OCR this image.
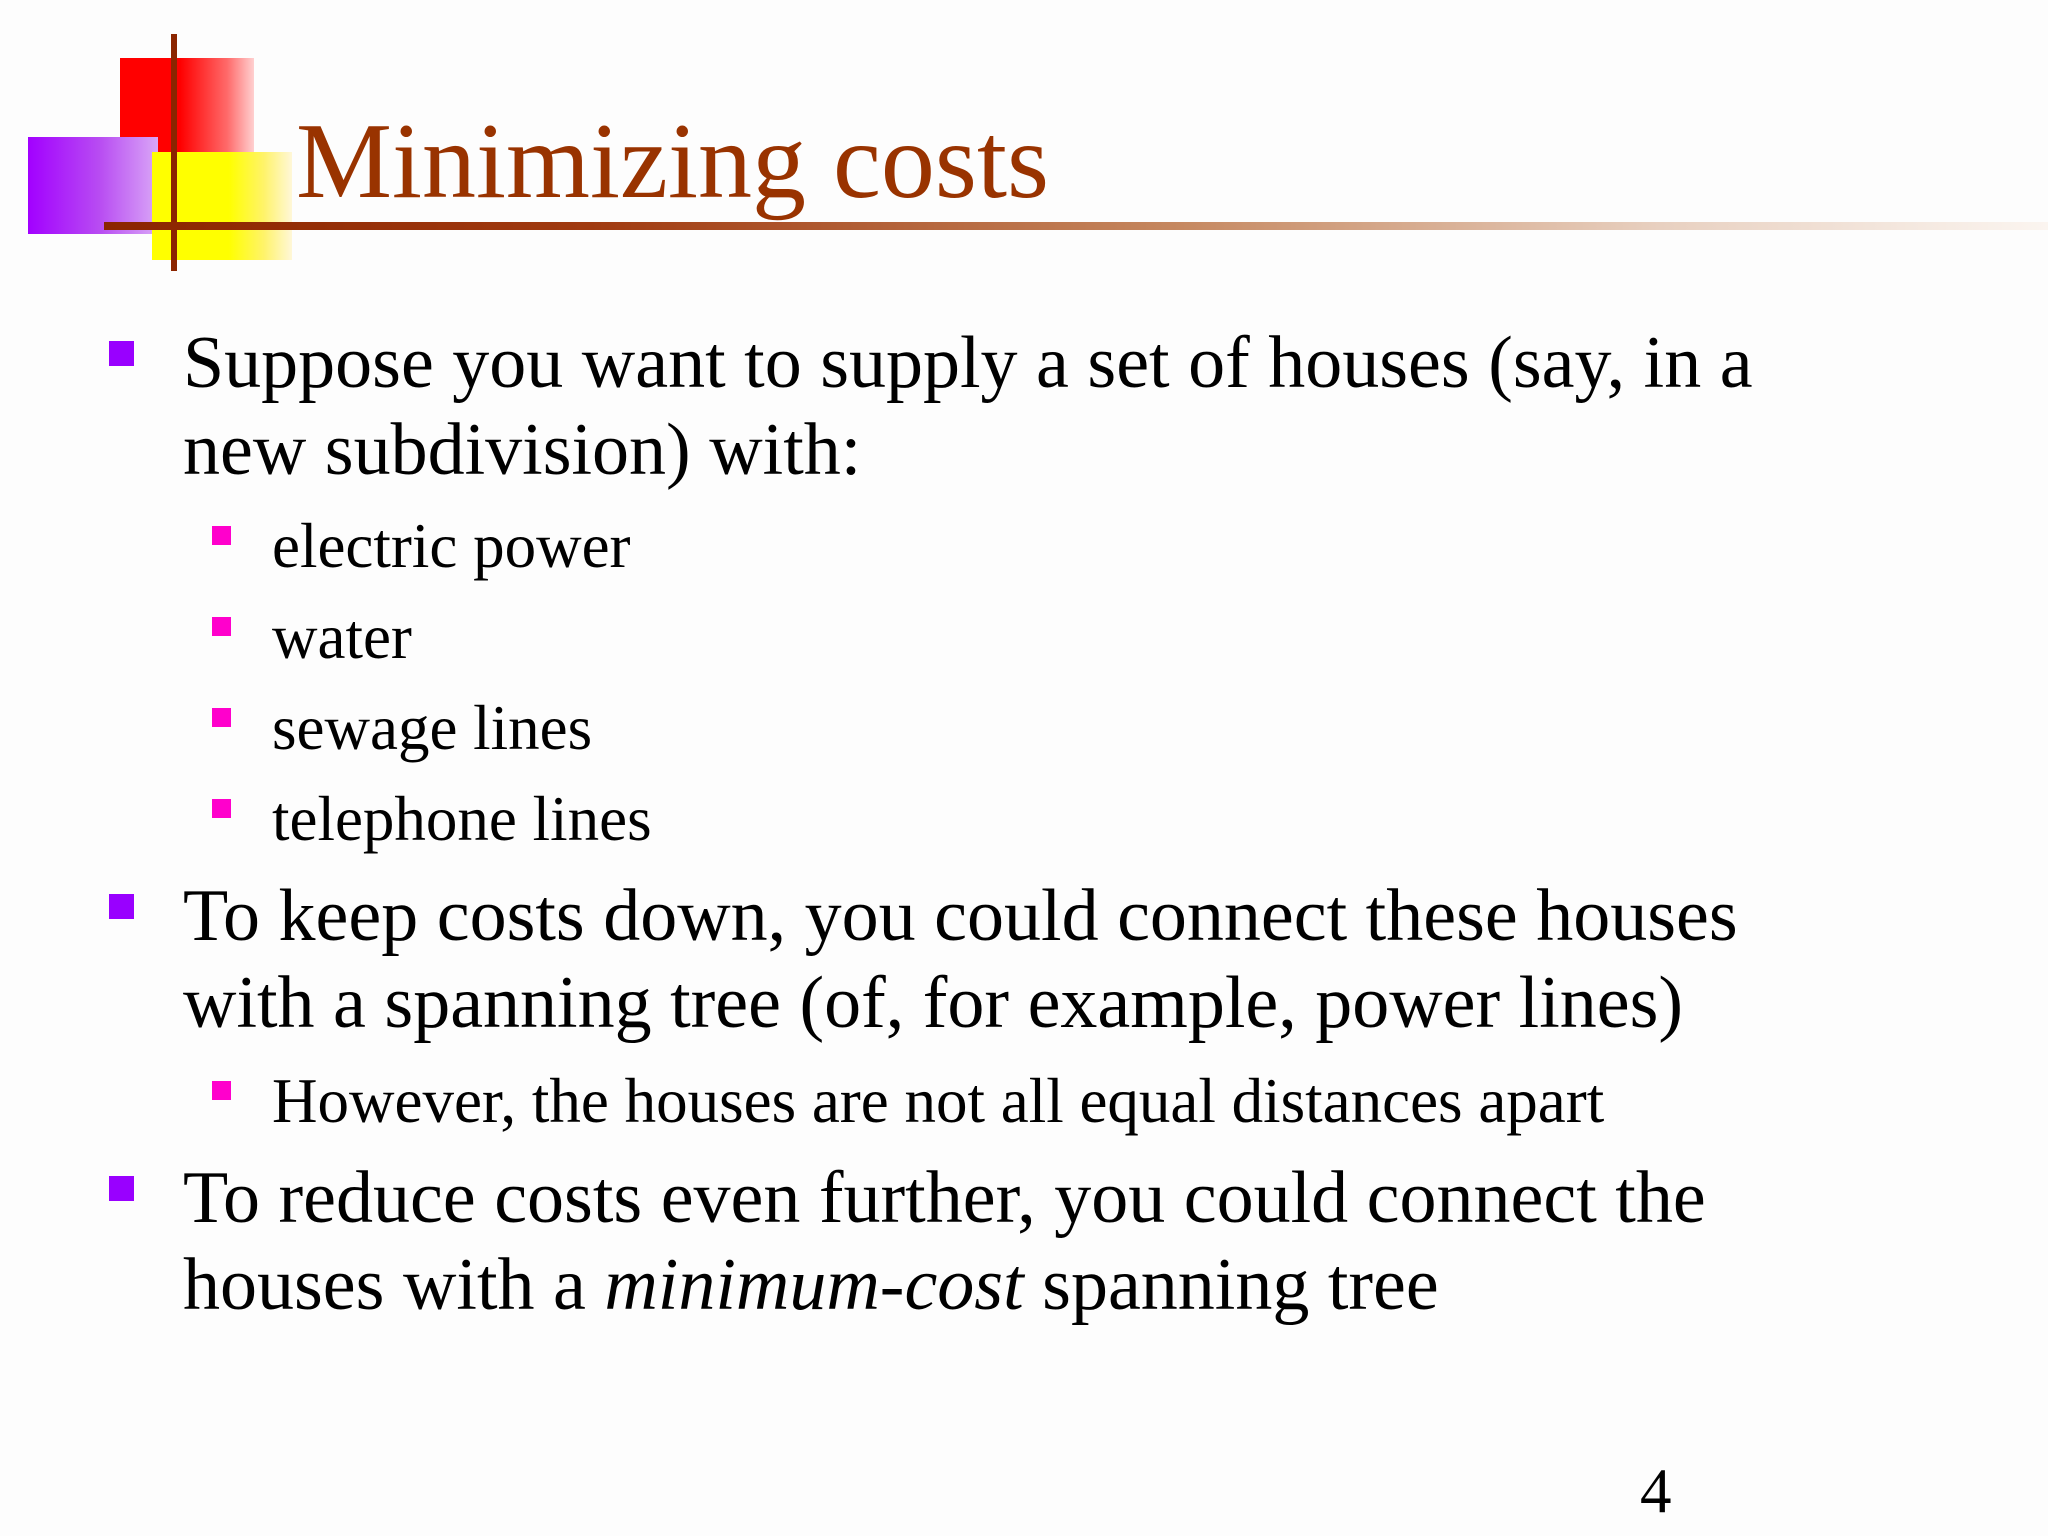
Minimizing costs
Suppose you want to supply a set of houses (say, in a
new subdivision) with:
electric power
water
sewage lines
telephone lines
To keep costs down, you could connect these houses
with a spanning tree (of, for example, power lines)
However, the houses are not all equal distances apart
To reduce costs even further, you could connect the
houses with a minimum-cost spanning tree
4
